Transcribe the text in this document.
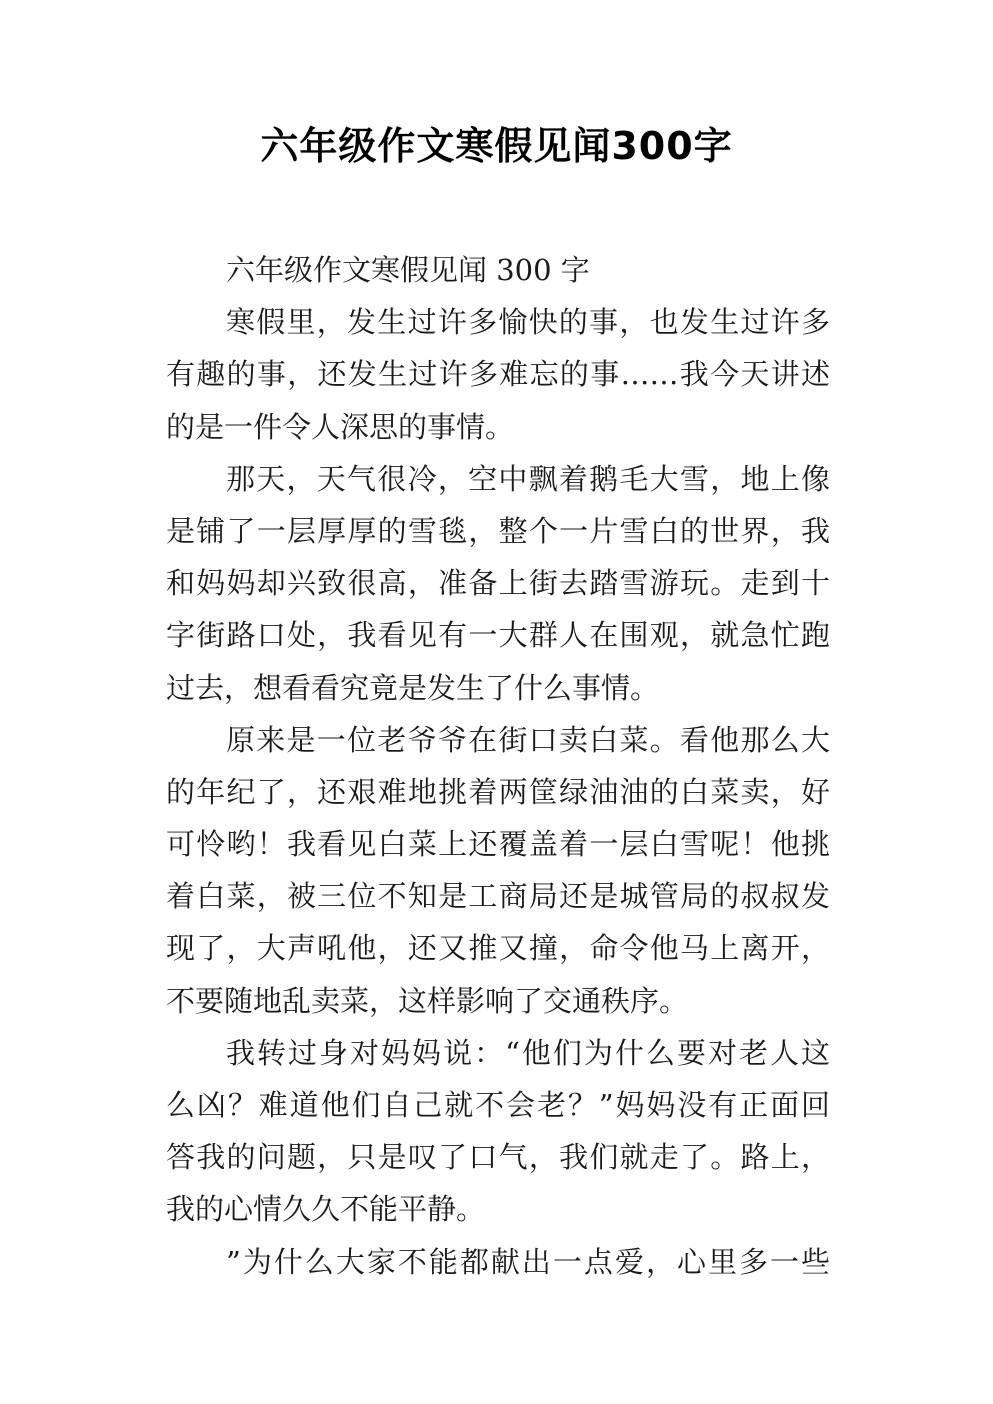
六年级作文寒假见闻300字
六年级作文寒假见闻 300 字
寒假里，发生过许多愉快的事，也发生过许多
有趣的事，还发生过许多难忘的事……我今天讲述
的是一件令人深思的事情。
那天，天气很冷，空中飘着鹅毛大雪，地上像
是铺了一层厚厚的雪毯，整个一片雪白的世界，我
和妈妈却兴致很高，准备上街去踏雪游玩。走到十
字街路口处，我看见有一大群人在围观，就急忙跑
过去，想看看究竟是发生了什么事情。
原来是一位老爷爷在街口卖白菜。看他那么大
的年纪了，还艰难地挑着两筐绿油油的白菜卖，好
可怜哟！我看见白菜上还覆盖着一层白雪呢！他挑
着白菜，被三位不知是工商局还是城管局的叔叔发
现了，大声吼他，还又推又撞，命令他马上离开，
不要随地乱卖菜，这样影响了交通秩序。
我转过身对妈妈说：“他们为什么要对老人这
么凶？难道他们自己就不会老？”妈妈没有正面回
答我的问题，只是叹了口气，我们就走了。路上，
我的心情久久不能平静。
”为什么大家不能都献出一点爱，心里多一些
